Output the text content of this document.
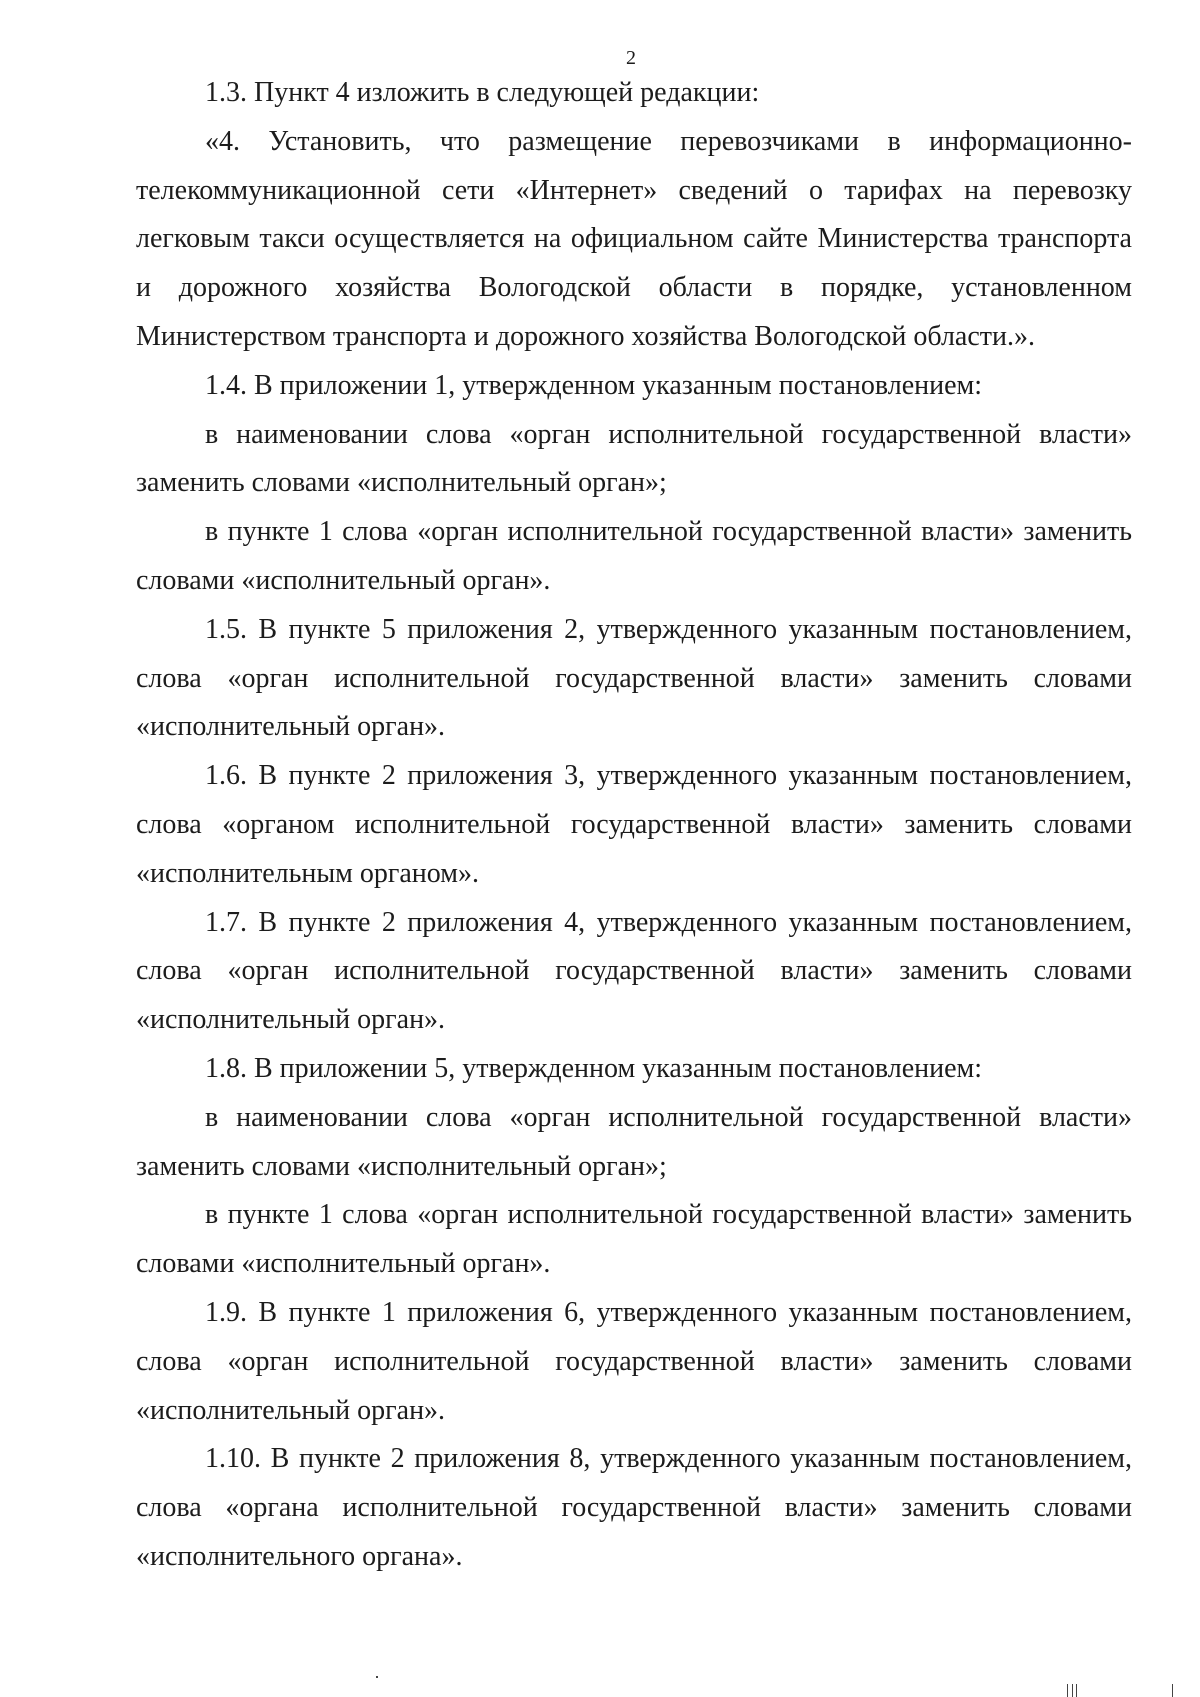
2

1.3. Пункт 4 изложить в следующей редакции:

«4. Установить, что размещение перевозчиками в информационно-телекоммуникационной сети «Интернет» сведений о тарифах на перевозку легковым такси осуществляется на официальном сайте Министерства транспорта и дорожного хозяйства Вологодской области в порядке, установленном Министерством транспорта и дорожного хозяйства Вологодской области.».

1.4. В приложении 1, утвержденном указанным постановлением:

в наименовании слова «орган исполнительной государственной власти» заменить словами «исполнительный орган»;

в пункте 1 слова «орган исполнительной государственной власти» заменить словами «исполнительный орган».

1.5. В пункте 5 приложения 2, утвержденного указанным постановлением, слова «орган исполнительной государственной власти» заменить словами «исполнительный орган».

1.6. В пункте 2 приложения 3, утвержденного указанным постановлением, слова «органом исполнительной государственной власти» заменить словами «исполнительным органом».

1.7. В пункте 2 приложения 4, утвержденного указанным постановлением, слова «орган исполнительной государственной власти» заменить словами «исполнительный орган».

1.8. В приложении 5, утвержденном указанным постановлением:

в наименовании слова «орган исполнительной государственной власти» заменить словами «исполнительный орган»;

в пункте 1 слова «орган исполнительной государственной власти» заменить словами «исполнительный орган».

1.9. В пункте 1 приложения 6, утвержденного указанным постановлением, слова «орган исполнительной государственной власти» заменить словами «исполнительный орган».

1.10. В пункте 2 приложения 8, утвержденного указанным постановлением, слова «органа исполнительной государственной власти» заменить словами «исполнительного органа».
